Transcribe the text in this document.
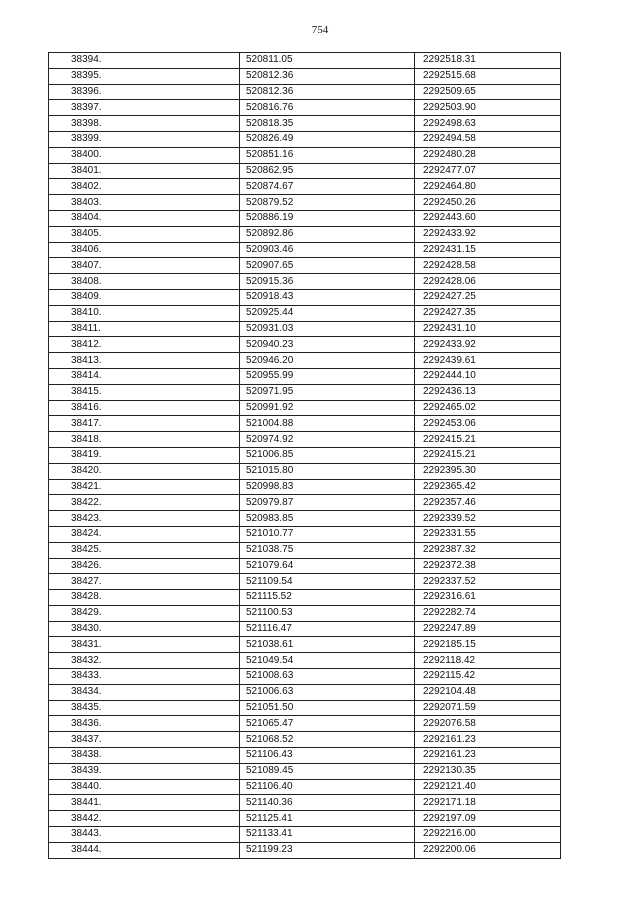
754
38394.	520811.05	2292518.31
38395.	520812.36	2292515.68
38396.	520812.36	2292509.65
38397.	520816.76	2292503.90
38398.	520818.35	2292498.63
38399.	520826.49	2292494.58
38400.	520851.16	2292480.28
38401.	520862.95	2292477.07
38402.	520874.67	2292464.80
38403.	520879.52	2292450.26
38404.	520886.19	2292443.60
38405.	520892.86	2292433.92
38406.	520903.46	2292431.15
38407.	520907.65	2292428.58
38408.	520915.36	2292428.06
38409.	520918.43	2292427.25
38410.	520925.44	2292427.35
38411.	520931.03	2292431.10
38412.	520940.23	2292433.92
38413.	520946.20	2292439.61
38414.	520955.99	2292444.10
38415.	520971.95	2292436.13
38416.	520991.92	2292465.02
38417.	521004.88	2292453.06
38418.	520974.92	2292415.21
38419.	521006.85	2292415.21
38420.	521015.80	2292395.30
38421.	520998.83	2292365.42
38422.	520979.87	2292357.46
38423.	520983.85	2292339.52
38424.	521010.77	2292331.55
38425.	521038.75	2292387.32
38426.	521079.64	2292372.38
38427.	521109.54	2292337.52
38428.	521115.52	2292316.61
38429.	521100.53	2292282.74
38430.	521116.47	2292247.89
38431.	521038.61	2292185.15
38432.	521049.54	2292118.42
38433.	521008.63	2292115.42
38434.	521006.63	2292104.48
38435.	521051.50	2292071.59
38436.	521065.47	2292076.58
38437.	521068.52	2292161.23
38438.	521106.43	2292161.23
38439.	521089.45	2292130.35
38440.	521106.40	2292121.40
38441.	521140.36	2292171.18
38442.	521125.41	2292197.09
38443.	521133.41	2292216.00
38444.	521199.23	2292200.06
